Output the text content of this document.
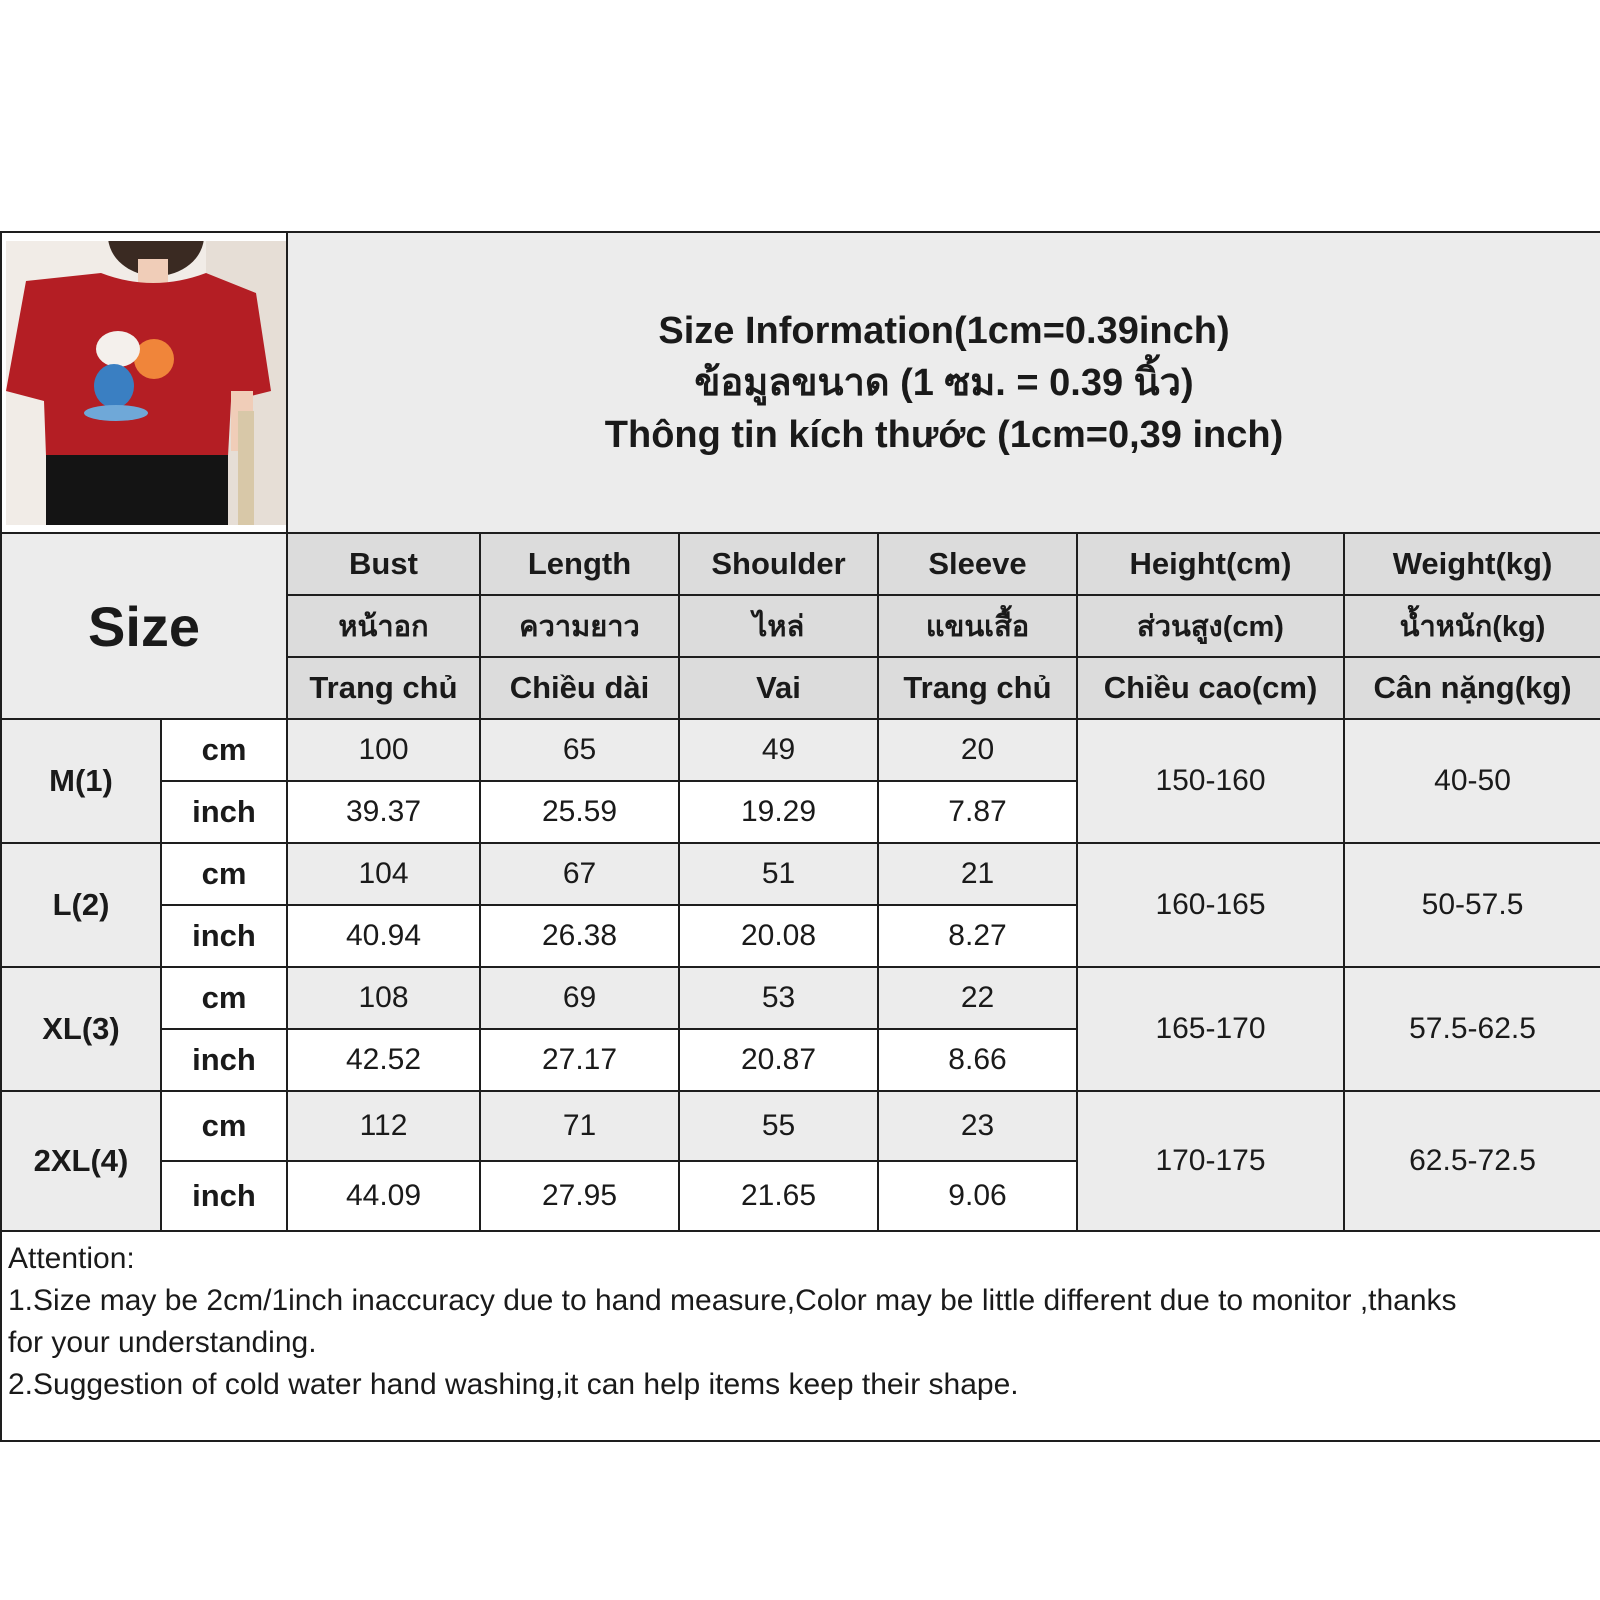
Size Information(1cm=0.39inch)
ข้อมูลขนาด (1 ซม. = 0.39 นิ้ว)
Thông tin kích thước (1cm=0,39 inch)					

Size		Bust	Length	Shoulder	Sleeve	Height(cm)	Weight(kg)
		หน้าอก	ความยาว	ไหล่	แขนเสื้อ	ส่วนสูง(cm)	น้ำหนัก(kg)
		Trang chủ	Chiều dài	Vai	Trang chủ	Chiều cao(cm)	Cân nặng(kg)
M(1)	cm	100	65	49	20	150-160	40-50
	inch	39.37	25.59	19.29	7.87		
L(2)	cm	104	67	51	21	160-165	50-57.5
	inch	40.94	26.38	20.08	8.27		
XL(3)	cm	108	69	53	22	165-170	57.5-62.5
	inch	42.52	27.17	20.87	8.66		
2XL(4)	cm	112	71	55	23	170-175	62.5-72.5
	inch	44.09	27.95	21.65	9.06		

Attention:
1.Size may be 2cm/1inch inaccuracy due to hand measure,Color may be little different due to monitor ,thanks
for your understanding.
2.Suggestion of cold water hand washing,it can help items keep their shape.							
